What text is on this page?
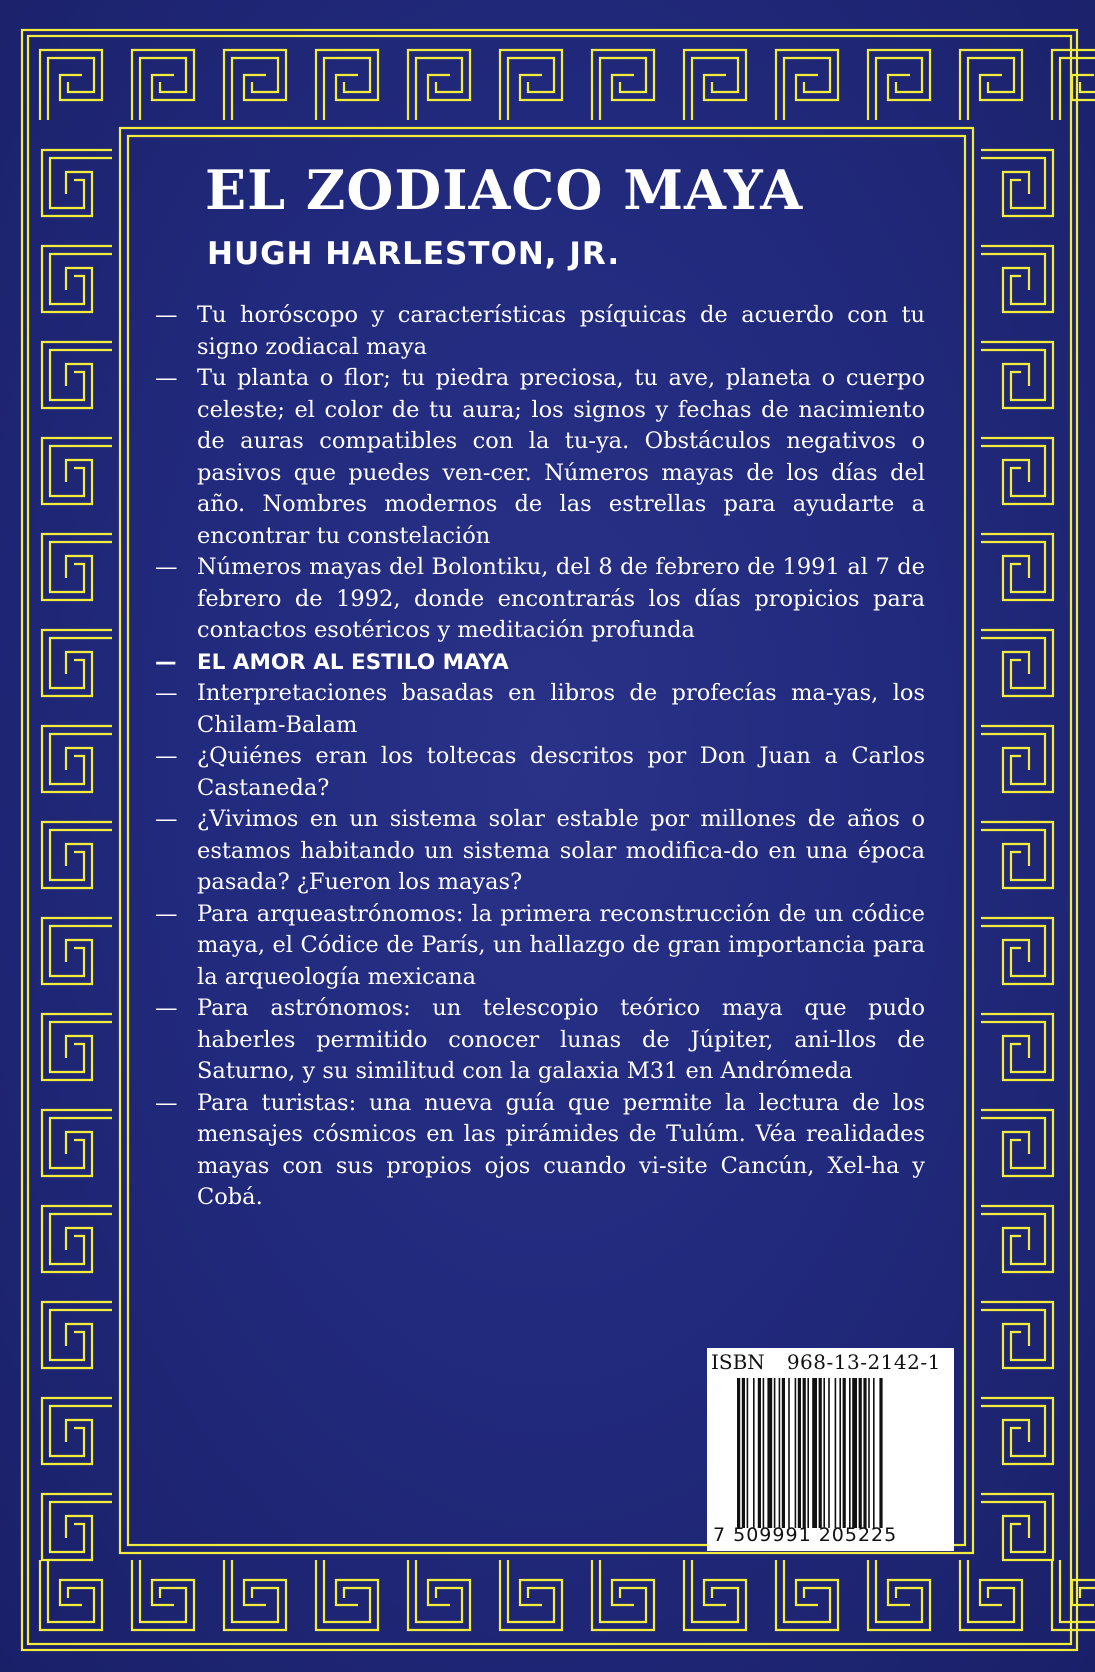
EL ZODIACO MAYA
HUGH HARLESTON, JR.
— Tu horóscopo y características psíquicas de acuerdo con tu signo zodiacal maya
— Tu planta o flor; tu piedra preciosa, tu ave, planeta o cuerpo celeste; el color de tu aura; los signos y fechas de nacimiento de auras compatibles con la tu-ya. Obstáculos negativos o pasivos que puedes ven-cer. Números mayas de los días del año. Nombres modernos de las estrellas para ayudarte a encontrar tu constelación
— Números mayas del Bolontiku, del 8 de febrero de 1991 al 7 de febrero de 1992, donde encontrarás los días propicios para contactos esotéricos y meditación profunda
— EL AMOR AL ESTILO MAYA
— Interpretaciones basadas en libros de profecías ma-yas, los Chilam-Balam
— ¿Quiénes eran los toltecas descritos por Don Juan a Carlos Castaneda?
— ¿Vivimos en un sistema solar estable por millones de años o estamos habitando un sistema solar modifica-do en una época pasada? ¿Fueron los mayas?
— Para arqueastrónomos: la primera reconstrucción de un códice maya, el Códice de París, un hallazgo de gran importancia para la arqueología mexicana
— Para astrónomos: un telescopio teórico maya que pudo haberles permitido conocer lunas de Júpiter, ani-llos de Saturno, y su similitud con la galaxia M31 en Andrómeda
— Para turistas: una nueva guía que permite la lectura de los mensajes cósmicos en las pirámides de Tulúm. Véa realidades mayas con sus propios ojos cuando vi-site Cancún, Xel-ha y Cobá.
ISBN 968-13-2142-1
7 509991 205225
